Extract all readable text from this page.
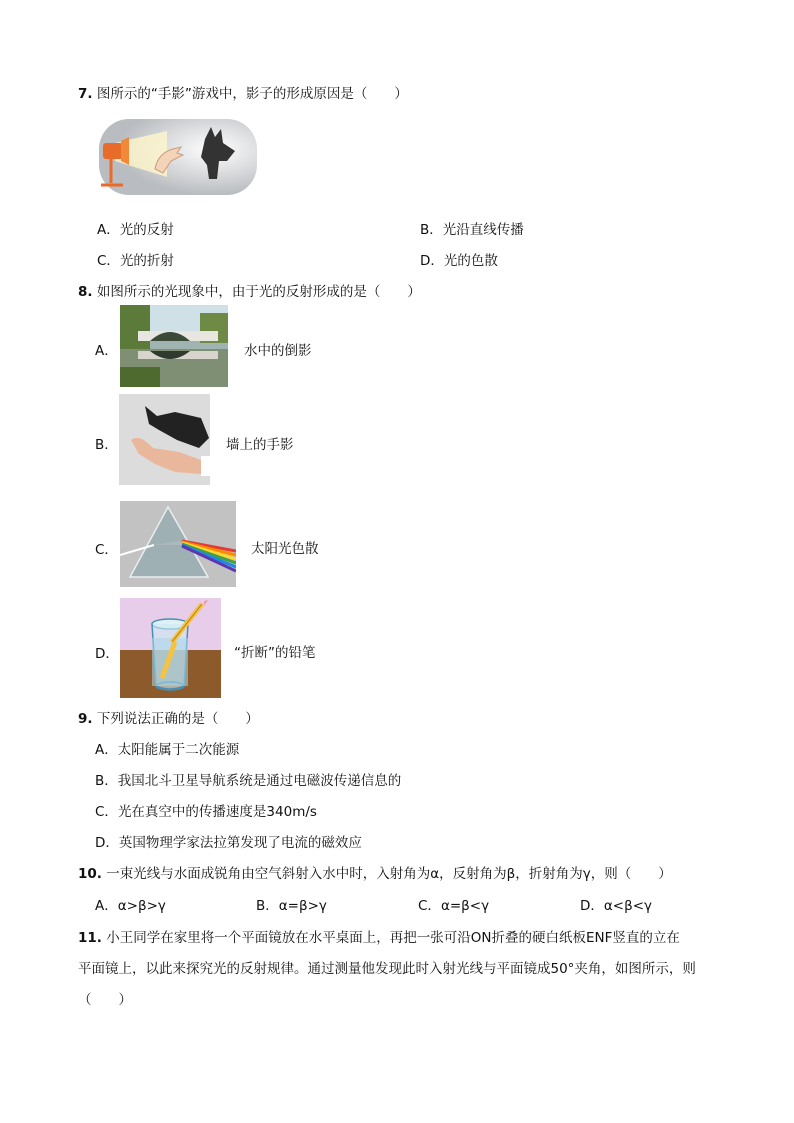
7. 图所示的“手影”游戏中，影子的形成原因是（　　）
A．光的反射	B．光沿直线传播
C．光的折射	D．光的色散
8. 如图所示的光现象中，由于光的反射形成的是（　　）
A．	水中的倒影
B．	墙上的手影
C．	太阳光色散
D．	“折断”的铅笔
9. 下列说法正确的是（　　）
A．太阳能属于二次能源
B．我国北斗卫星导航系统是通过电磁波传递信息的
C．光在真空中的传播速度是340m/s
D．英国物理学家法拉第发现了电流的磁效应
10. 一束光线与水面成锐角由空气斜射入水中时，入射角为α，反射角为β，折射角为γ，则（　　）
A．α>β>γ	B．α=β>γ	C．α=β<γ	D．α<β<γ
11. 小王同学在家里将一个平面镜放在水平桌面上，再把一张可沿ON折叠的硬白纸板ENF竖直的立在
平面镜上，以此来探究光的反射规律。通过测量他发现此时入射光线与平面镜成50°夹角，如图所示，则
（　　）
